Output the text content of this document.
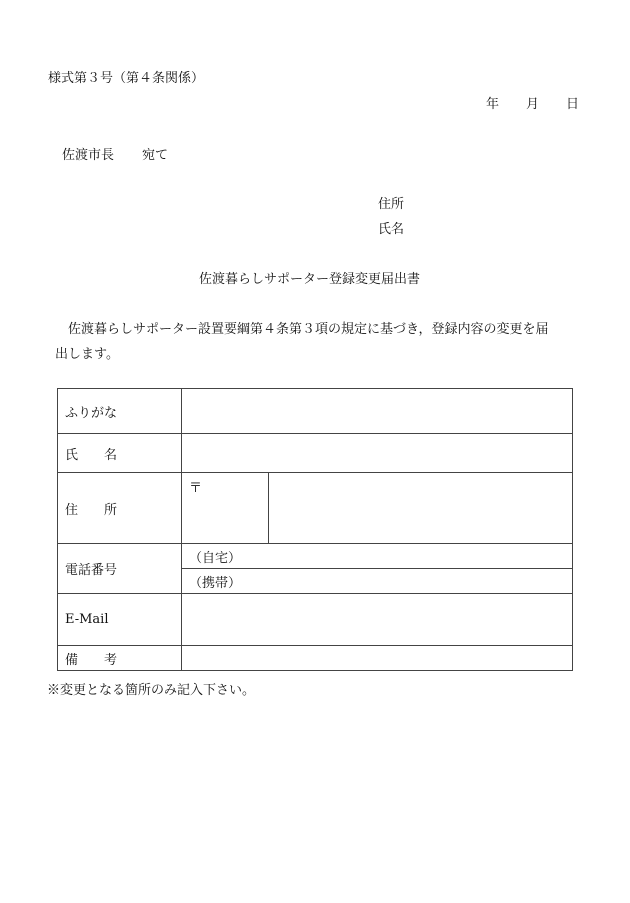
様式第３号（第４条関係）
年 月 日
佐渡市長 宛て
住所
氏名
佐渡暮らしサポーター登録変更届出書
佐渡暮らしサポーター設置要綱第４条第３項の規定に基づき，登録内容の変更を届
出します。
ふりがな		
氏 名		
住 所	〒	
電話番号	（自宅）	
	（携帯）	
E-Mail		
備 考		
※変更となる箇所のみ記入下さい。
